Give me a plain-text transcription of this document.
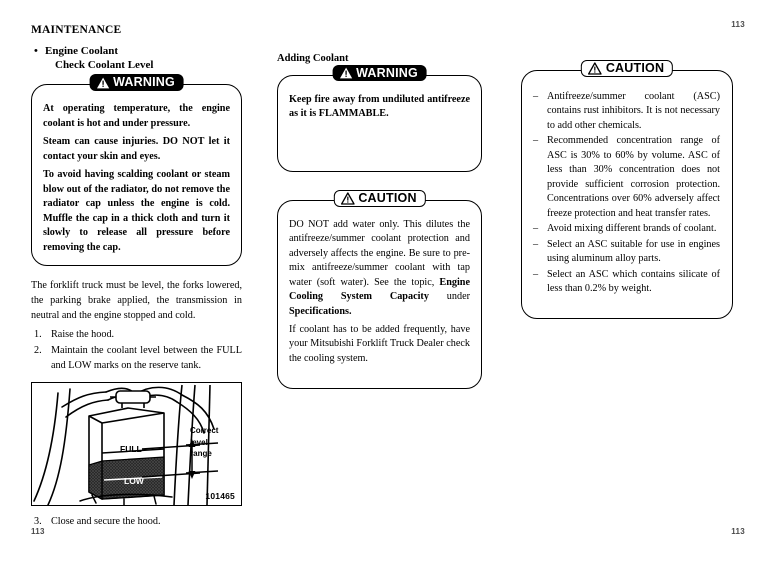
113
113	113
MAINTENANCE
• Engine Coolant
Check Coolant Level
WARNING

At operating temperature, the engine coolant is hot and under pressure.

Steam can cause injuries. DO NOT let it contact your skin and eyes.

To avoid having scalding coolant or steam blow out of the radiator, do not remove the radiator cap unless the engine is cold. Muffle the cap in a thick cloth and turn it slowly to release all pressure before removing the cap.

The forklift truck must be level, the forks lowered, the parking brake applied, the transmission in neutral and the engine stopped and cold.

1. Raise the hood.
2. Maintain the coolant level between the FULL and LOW marks on the reserve tank.
FULL
LOW
Correct
level
range
101465
3. Close and secure the hood.
Adding Coolant
WARNING

Keep fire away from undiluted antifreeze as it is FLAMMABLE.

CAUTION

DO NOT add water only. This dilutes the antifreeze/summer coolant protection and adversely affects the engine. Be sure to pre-mix antifreeze/summer coolant with tap water (soft water). See the topic, Engine Cooling System Capacity under Specifications.

If coolant has to be added frequently, have your Mitsubishi Forklift Truck Dealer check the cooling system.

CAUTION
– Antifreeze/summer coolant (ASC) contains rust inhibitors. It is not necessary to add other chemicals.
– Recommended concentration range of ASC is 30% to 60% by volume. ASC of less than 30% concentration does not provide sufficient corrosion protection. Concentrations over 60% adversely affect freeze protection and heat transfer rates.
– Avoid mixing different brands of coolant.
– Select an ASC suitable for use in engines using aluminum alloy parts.
– Select an ASC which contains silicate of less than 0.2% by weight.
